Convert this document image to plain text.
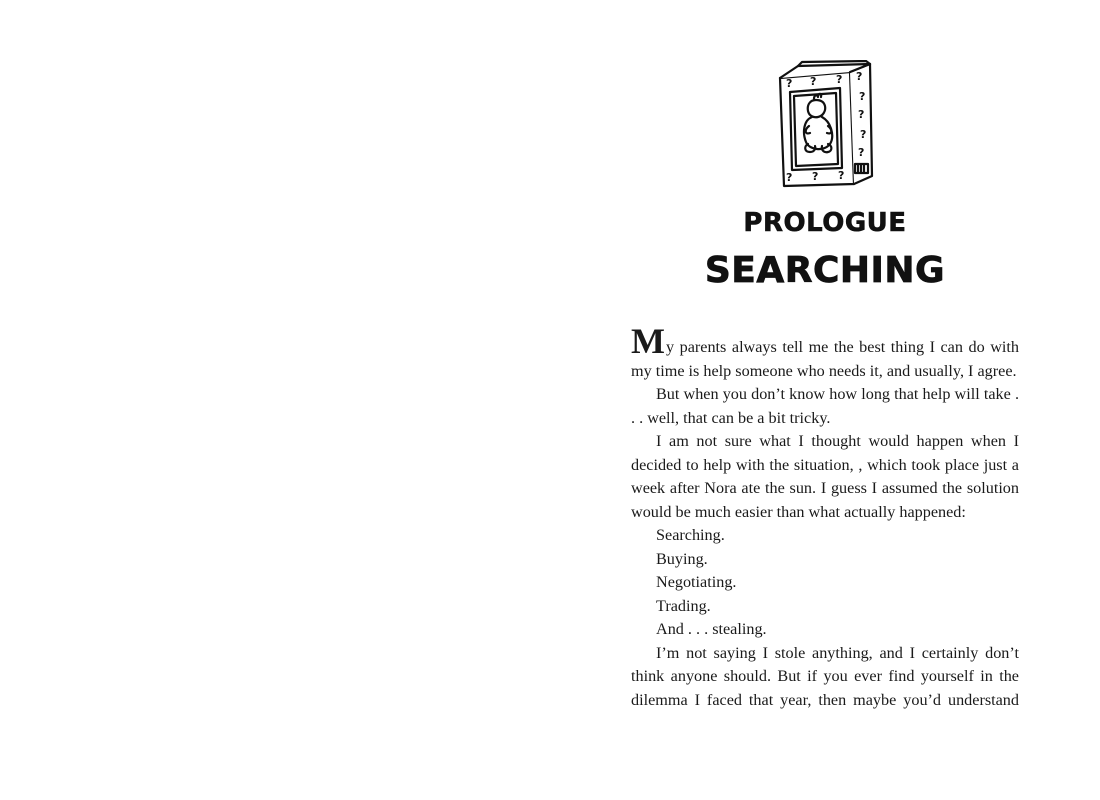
? ? ? ?
?
?
?
?
? ? ?
PROLOGUE
SEARCHING

My parents always tell me the best thing I can do with my time is help someone who needs it, and usually, I agree.

But when you don’t know how long that help will take . . . well, that can be a bit tricky.

I am not sure what I thought would happen when I decided to help with the situation, , which took place just a week after Nora ate the sun. I guess I assumed the solution would be much easier than what actually happened:

Searching.

Buying.

Negotiating.

Trading.

And . . . stealing.

I’m not saying I stole anything, and I certainly don’t think anyone should. But if you ever find yourself in the dilemma I faced that year, then maybe you’d understand
